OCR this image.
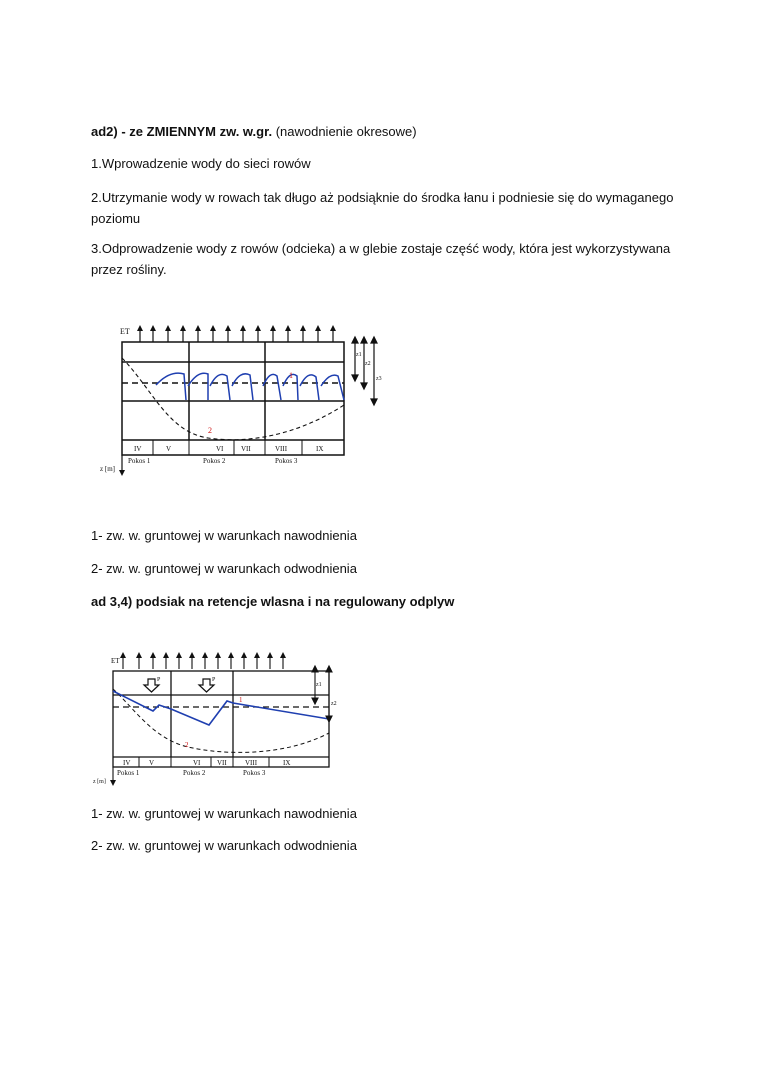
ad2) - ze ZMIENNYM zw. w.gr. (nawodnienie okresowe)

1.Wprowadzenie wody do sieci rowów

2.Utrzymanie wody w rowach tak długo aż podsiąknie do środka łanu i podniesie się do wymaganego poziomu

3.Odprowadzenie wody z rowów (odcieka) a w glebie zostaje część wody, która jest wykorzystywana przez rośliny.

ET
1
2
IV	V	VI	VII	VIII	IX
Pokos 1	Pokos 2	Pokos 3
z [m]
z1
z2
z3

1- zw. w. gruntowej w warunkach nawodnienia

2- zw. w. gruntowej w warunkach odwodnienia

ad 3,4) podsiak na retencje wlasna i na regulowany odplyw

ET
P	P
1
2
IV	V	VI VII	VIII	IX
Pokos 1	Pokos 2	Pokos 3
z [m]
z1
z2

1- zw. w. gruntowej w warunkach nawodnienia

2- zw. w. gruntowej w warunkach odwodnienia
